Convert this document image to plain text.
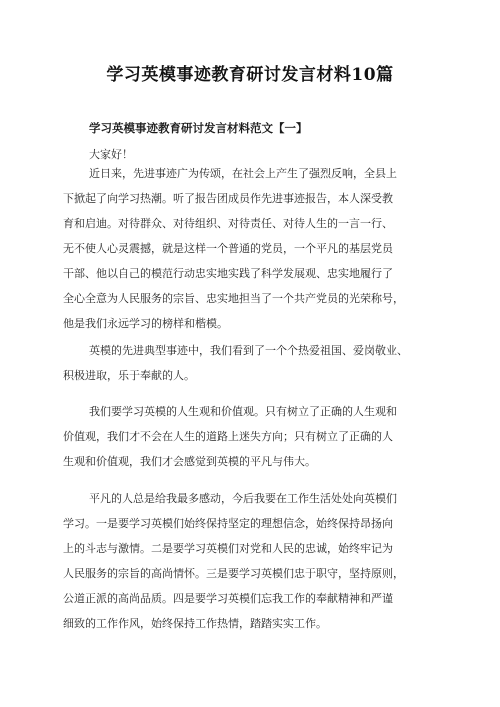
学习英模事迹教育研讨发言材料10篇
学习英模事迹教育研讨发言材料范文【一】
大家好！
近日来，先进事迹广为传颂，在社会上产生了强烈反响，全县上
下掀起了向学习热潮。听了报告团成员作先进事迹报告，本人深受教
育和启迪。对待群众、对待组织、对待责任、对待人生的一言一行、
无不使人心灵震撼，就是这样一个普通的党员，一个平凡的基层党员
干部、他以自己的模范行动忠实地实践了科学发展观、忠实地履行了
全心全意为人民服务的宗旨、忠实地担当了一个共产党员的光荣称号，
他是我们永远学习的榜样和楷模。
英模的先进典型事迹中，我们看到了一个个热爱祖国、爱岗敬业、
积极进取，乐于奉献的人。
我们要学习英模的人生观和价值观。只有树立了正确的人生观和
价值观，我们才不会在人生的道路上迷失方向；只有树立了正确的人
生观和价值观，我们才会感觉到英模的平凡与伟大。
平凡的人总是给我最多感动，今后我要在工作生活处处向英模们
学习。一是要学习英模们始终保持坚定的理想信念，始终保持昂扬向
上的斗志与激情。二是要学习英模们对党和人民的忠诚，始终牢记为
人民服务的宗旨的高尚情怀。三是要学习英模们忠于职守，坚持原则，
公道正派的高尚品质。四是要学习英模们忘我工作的奉献精神和严谨
细致的工作作风，始终保持工作热情，踏踏实实工作。
